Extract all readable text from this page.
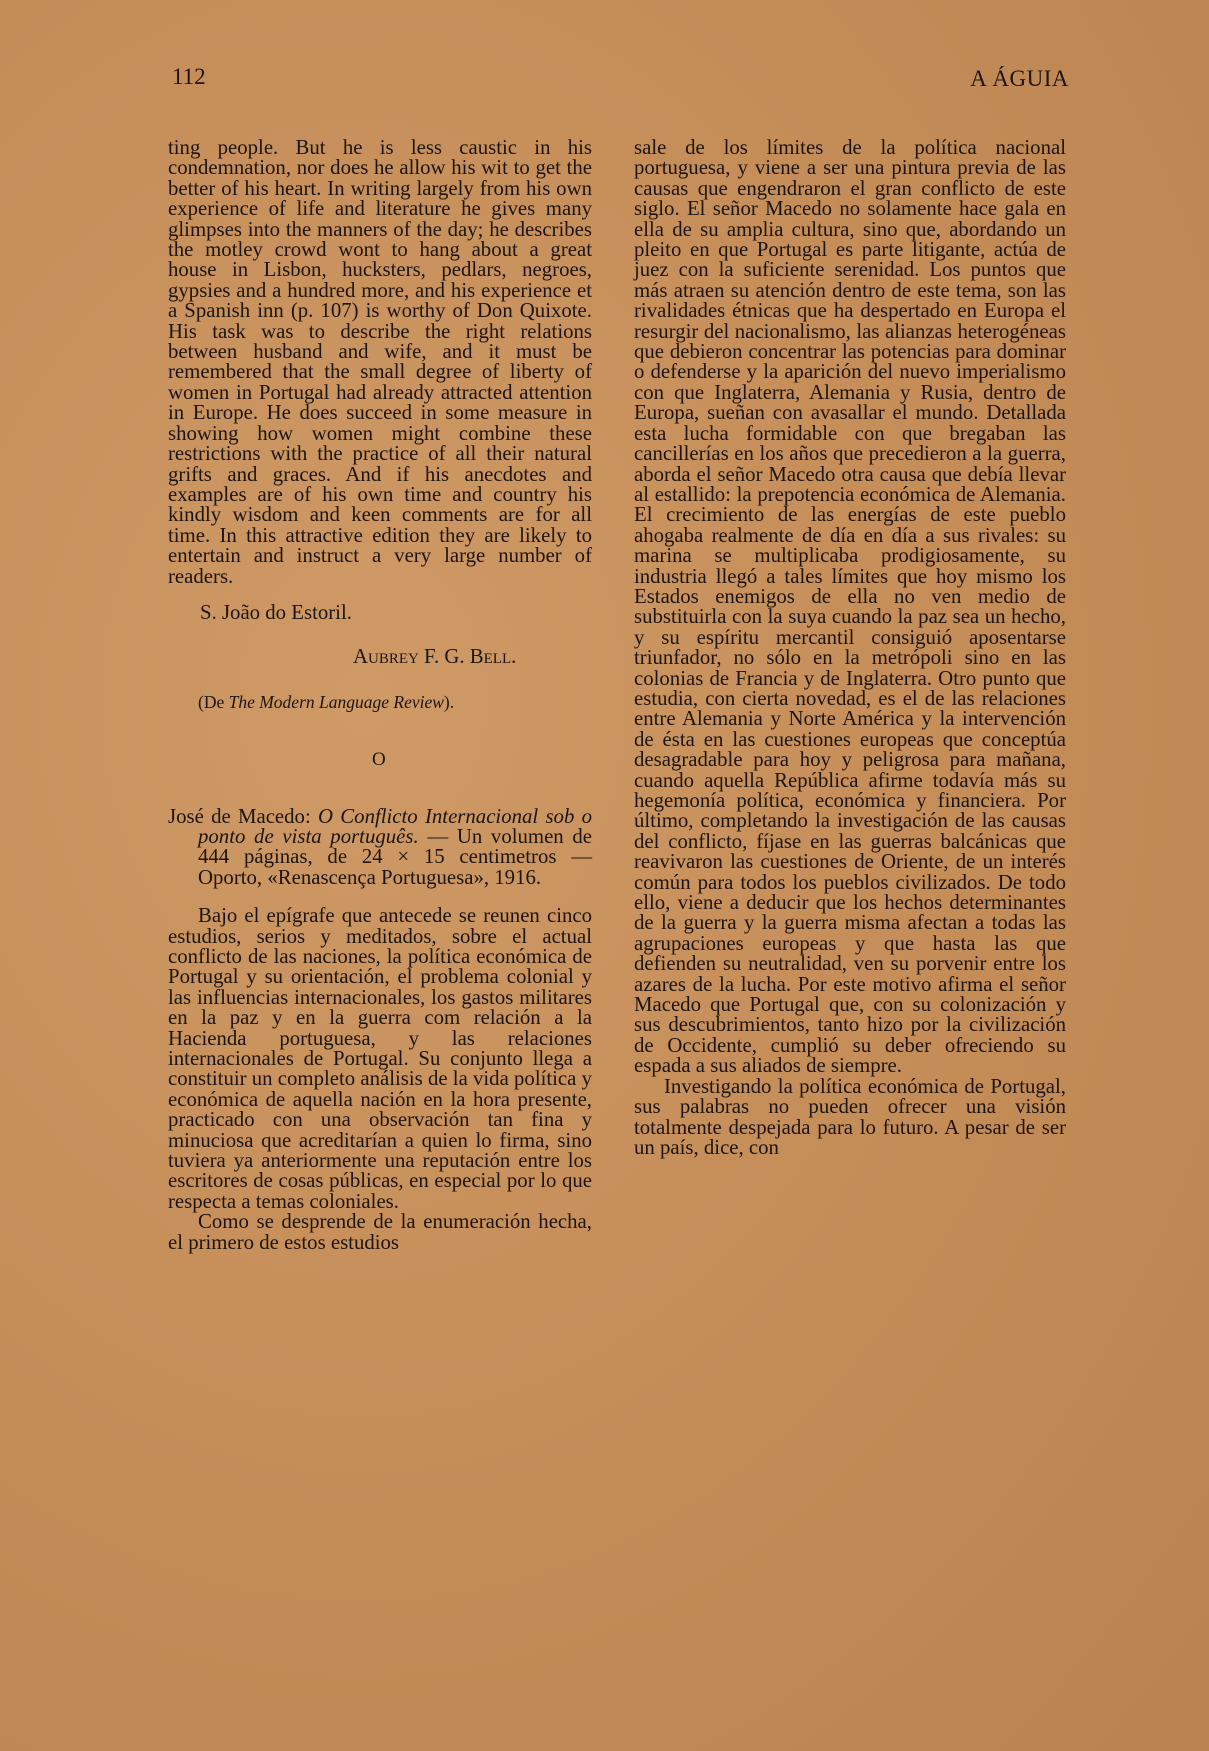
112	A ÁGUIA

ting people. But he is less caustic in his condemnation, nor does he allow his wit to get the better of his heart. In writing largely from his own experience of life and literature he gives many glimpses into the manners of the day; he describes the motley crowd wont to hang about a great house in Lisbon, hucksters, pedlars, negroes, gypsies and a hundred more, and his experience et a Spanish inn (p. 107) is worthy of Don Quixote. His task was to describe the right relations between husband and wife, and it must be remembered that the small degree of liberty of women in Portugal had already attracted attention in Europe. He does succeed in some measure in showing how women might combine these restrictions with the practice of all their natural grifts and graces. And if his anecdotes and examples are of his own time and country his kindly wisdom and keen comments are for all time. In this attractive edition they are likely to entertain and instruct a very large number of readers.

S. João do Estoril.

Aubrey F. G. Bell.

(De The Modern Language Review).

O

José de Macedo: O Conflicto Internacional sob o ponto de vista português. — Un volumen de 444 páginas, de 24 × 15 centimetros — Oporto, «Renascença Portuguesa», 1916.

Bajo el epígrafe que antecede se reunen cinco estudios, serios y meditados, sobre el actual conflicto de las naciones, la política económica de Portugal y su orientación, el problema colonial y las influencias internacionales, los gastos militares en la paz y en la guerra com relación a la Hacienda portuguesa, y las relaciones internacionales de Portugal. Su conjunto llega a constituir un completo análisis de la vida política y económica de aquella nación en la hora presente, practicado con una observación tan fina y minuciosa que acreditarían a quien lo firma, sino tuviera ya anteriormente una reputación entre los escritores de cosas públicas, en especial por lo que respecta a temas coloniales.

Como se desprende de la enumeración hecha, el primero de estos estudios

sale de los límites de la política nacional portuguesa, y viene a ser una pintura previa de las causas que engendraron el gran conflicto de este siglo. El señor Macedo no solamente hace gala en ella de su amplia cultura, sino que, abordando un pleito en que Portugal es parte litigante, actúa de juez con la suficiente serenidad. Los puntos que más atraen su atención dentro de este tema, son las rivalidades étnicas que ha despertado en Europa el resurgir del nacionalismo, las alianzas heterogéneas que debieron concentrar las potencias para dominar o defenderse y la aparición del nuevo imperialismo con que Inglaterra, Alemania y Rusia, dentro de Europa, sueñan con avasallar el mundo. Detallada esta lucha formidable con que bregaban las cancillerías en los años que precedieron a la guerra, aborda el señor Macedo otra causa que debía llevar al estallido: la prepotencia económica de Alemania. El crecimiento de las energías de este pueblo ahogaba realmente de día en día a sus rivales: su marina se multiplicaba prodigiosamente, su industria llegó a tales límites que hoy mismo los Estados enemigos de ella no ven medio de substituirla con la suya cuando la paz sea un hecho, y su espíritu mercantil consiguió aposentarse triunfador, no sólo en la metrópoli sino en las colonias de Francia y de Inglaterra. Otro punto que estudia, con cierta novedad, es el de las relaciones entre Alemania y Norte América y la intervención de ésta en las cuestiones europeas que conceptúa desagradable para hoy y peligrosa para mañana, cuando aquella República afirme todavía más su hegemonía política, económica y financiera. Por último, completando la investigación de las causas del conflicto, fíjase en las guerras balcánicas que reavivaron las cuestiones de Oriente, de un interés común para todos los pueblos civilizados. De todo ello, viene a deducir que los hechos determinantes de la guerra y la guerra misma afectan a todas las agrupaciones europeas y que hasta las que defienden su neutralidad, ven su porvenir entre los azares de la lucha. Por este motivo afirma el señor Macedo que Portugal que, con su colonización y sus descubrimientos, tanto hizo por la civilización de Occidente, cumplió su deber ofreciendo su espada a sus aliados de siempre.

Investigando la política económica de Portugal, sus palabras no pueden ofrecer una visión totalmente despejada para lo futuro. A pesar de ser un país, dice, con
